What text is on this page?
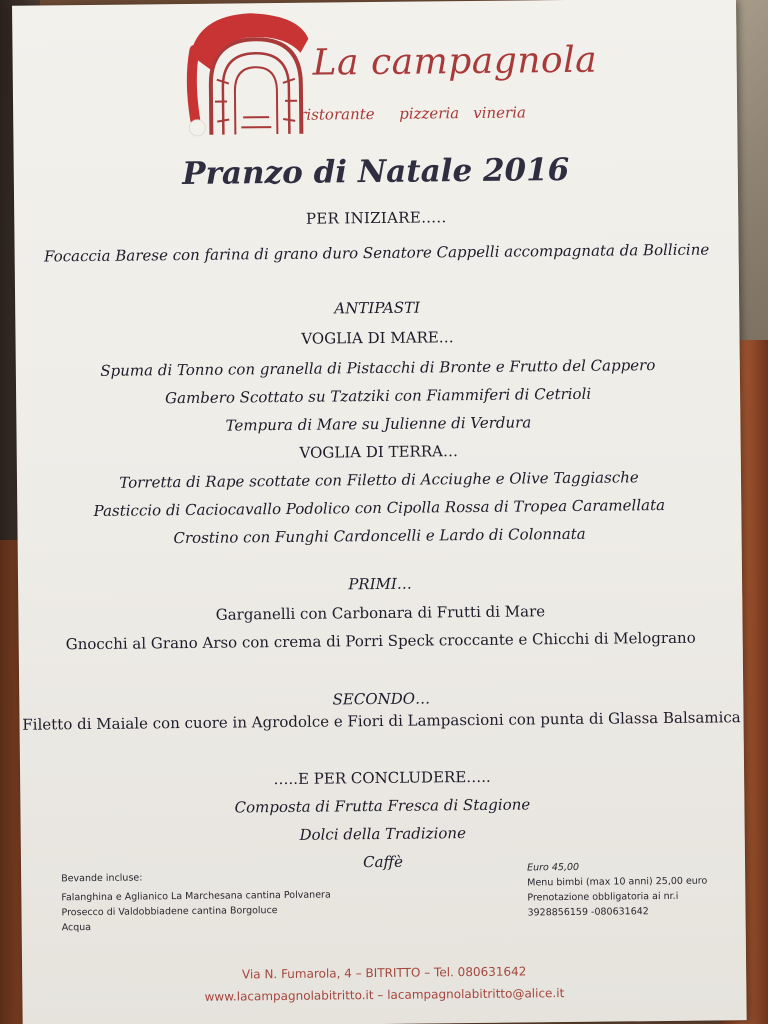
La campagnola
ristorante pizzeria vineria
Pranzo di Natale 2016
PER INIZIARE…..
Focaccia Barese con farina di grano duro Senatore Cappelli accompagnata da Bollicine
ANTIPASTI
VOGLIA DI MARE…
Spuma di Tonno con granella di Pistacchi di Bronte e Frutto del Cappero
Gambero Scottato su Tzatziki con Fiammiferi di Cetrioli
Tempura di Mare su Julienne di Verdura
VOGLIA DI TERRA…
Torretta di Rape scottate con Filetto di Acciughe e Olive Taggiasche
Pasticcio di Caciocavallo Podolico con Cipolla Rossa di Tropea Caramellata
Crostino con Funghi Cardoncelli e Lardo di Colonnata
PRIMI…
Garganelli con Carbonara di Frutti di Mare
Gnocchi al Grano Arso con crema di Porri Speck croccante e Chicchi di Melograno
SECONDO…
Filetto di Maiale con cuore in Agrodolce e Fiori di Lampascioni con punta di Glassa Balsamica
…..E PER CONCLUDERE…..
Composta di Frutta Fresca di Stagione
Dolci della Tradizione
Caffè
Bevande incluse:
Falanghina e Aglianico La Marchesana cantina Polvanera
Prosecco di Valdobbiadene cantina Borgoluce
Acqua
Euro 45,00
Menu bimbi (max 10 anni) 25,00 euro
Prenotazione obbligatoria ai nr.i
3928856159 -080631642
Via N. Fumarola, 4 – BITRITTO – Tel. 080631642
www.lacampagnolabitritto.it – lacampagnolabitritto@alice.it
